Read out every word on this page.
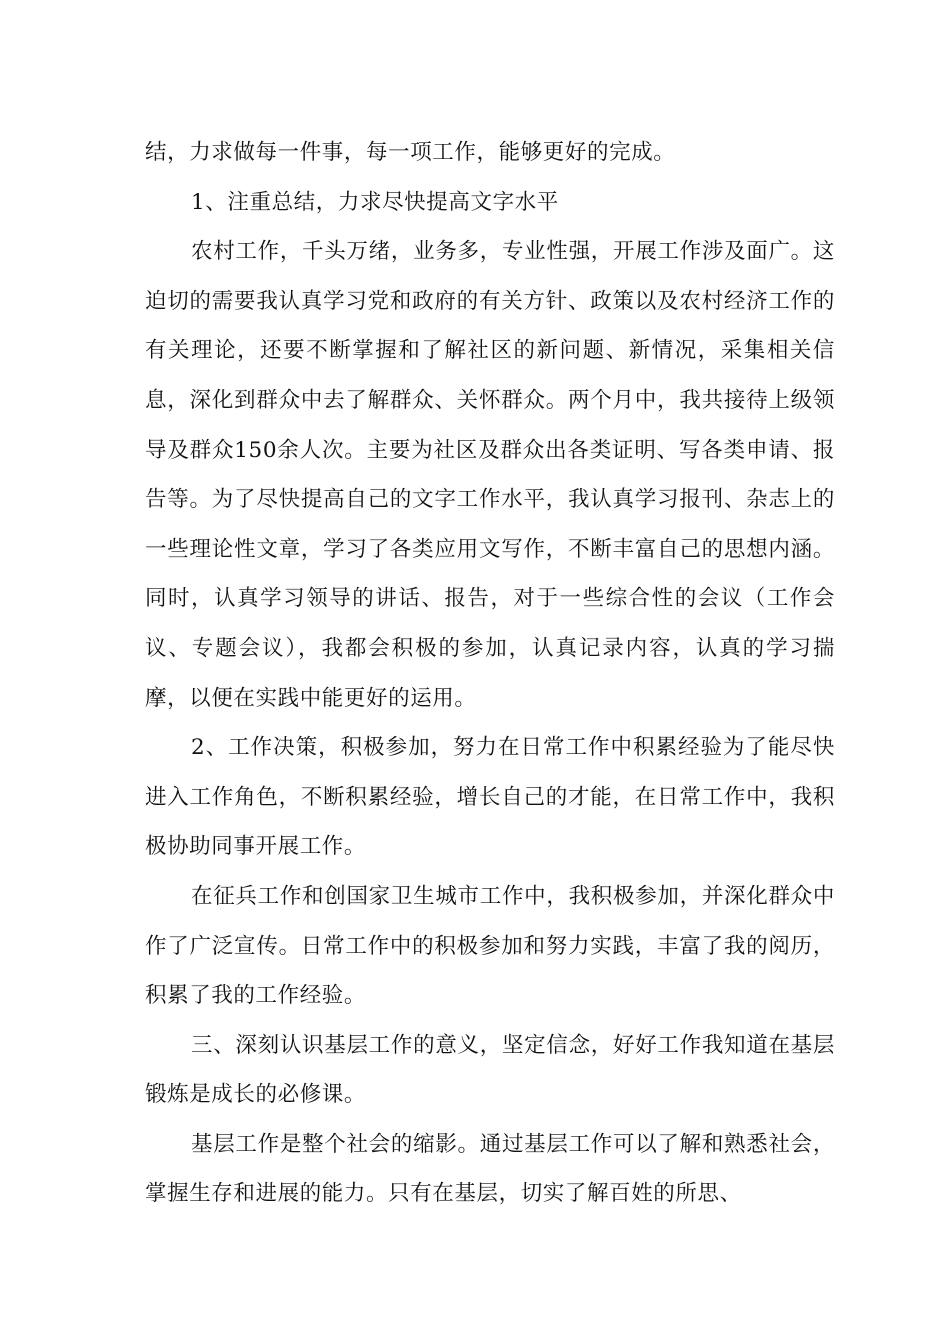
结，力求做每一件事，每一项工作，能够更好的完成。

1、注重总结，力求尽快提高文字水平

农村工作，千头万绪，业务多，专业性强，开展工作涉及面广。这迫切的需要我认真学习党和政府的有关方针、政策以及农村经济工作的有关理论，还要不断掌握和了解社区的新问题、新情况，采集相关信息，深化到群众中去了解群众、关怀群众。两个月中，我共接待上级领导及群众150余人次。主要为社区及群众出各类证明、写各类申请、报告等。为了尽快提高自己的文字工作水平，我认真学习报刊、杂志上的一些理论性文章，学习了各类应用文写作，不断丰富自己的思想内涵。同时，认真学习领导的讲话、报告，对于一些综合性的会议（工作会议、专题会议），我都会积极的参加，认真记录内容，认真的学习揣摩，以便在实践中能更好的运用。

2、工作决策，积极参加，努力在日常工作中积累经验为了能尽快进入工作角色，不断积累经验，增长自己的才能，在日常工作中，我积极协助同事开展工作。

在征兵工作和创国家卫生城市工作中，我积极参加，并深化群众中作了广泛宣传。日常工作中的积极参加和努力实践，丰富了我的阅历，积累了我的工作经验。

三、深刻认识基层工作的意义，坚定信念，好好工作我知道在基层锻炼是成长的必修课。

基层工作是整个社会的缩影。通过基层工作可以了解和熟悉社会，掌握生存和进展的能力。只有在基层，切实了解百姓的所思、
